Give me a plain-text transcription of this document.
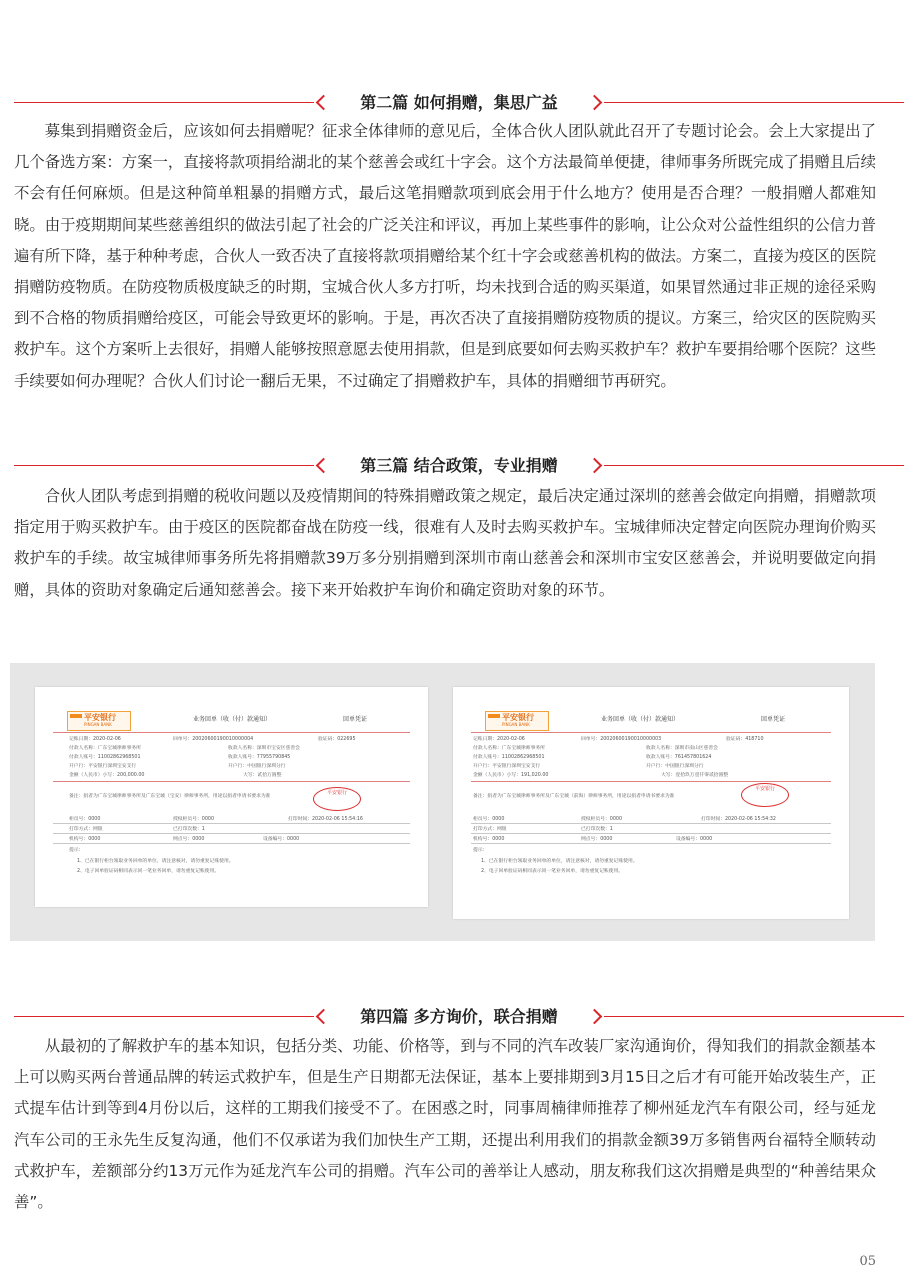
第二篇 如何捐赠，集思广益

募集到捐赠资金后，应该如何去捐赠呢？征求全体律师的意见后，全体合伙人团队就此召开了专题讨论会。会上大家提出了几个备选方案：方案一，直接将款项捐给湖北的某个慈善会或红十字会。这个方法最简单便捷，律师事务所既完成了捐赠且后续不会有任何麻烦。但是这种简单粗暴的捐赠方式，最后这笔捐赠款项到底会用于什么地方？使用是否合理？一般捐赠人都难知晓。由于疫期期间某些慈善组织的做法引起了社会的广泛关注和评议，再加上某些事件的影响，让公众对公益性组织的公信力普遍有所下降，基于种种考虑，合伙人一致否决了直接将款项捐赠给某个红十字会或慈善机构的做法。方案二，直接为疫区的医院捐赠防疫物质。在防疫物质极度缺乏的时期，宝城合伙人多方打听，均未找到合适的购买渠道，如果冒然通过非正规的途径采购到不合格的物质捐赠给疫区，可能会导致更坏的影响。于是，再次否决了直接捐赠防疫物质的提议。方案三，给灾区的医院购买救护车。这个方案听上去很好，捐赠人能够按照意愿去使用捐款，但是到底要如何去购买救护车？救护车要捐给哪个医院？这些手续要如何办理呢？合伙人们讨论一翻后无果，不过确定了捐赠救护车，具体的捐赠细节再研究。

第三篇 结合政策，专业捐赠

合伙人团队考虑到捐赠的税收问题以及疫情期间的特殊捐赠政策之规定，最后决定通过深圳的慈善会做定向捐赠，捐赠款项指定用于购买救护车。由于疫区的医院都奋战在防疫一线，很难有人及时去购买救护车。宝城律师决定替定向医院办理询价购买救护车的手续。故宝城律师事务所先将捐赠款39万多分别捐赠到深圳市南山慈善会和深圳市宝安区慈善会，并说明要做定向捐赠，具体的资助对象确定后通知慈善会。接下来开始救护车询价和确定资助对象的环节。

平安银行
PINGAN BANK
业务回单（收（付）款通知）	回单凭证
记账日期：2020-02-06	回单号：20020600190010000004	验证码：022695
付款人名称：广东宝城律师事务所	收款人名称：深圳市宝安区慈善会
付款人账号：11002862968501	收款人账号：77955790845
开户行：平安银行深圳宝安支行	开户行：中国银行深圳分行
金额（人民币）小写：200,000.00	大写：贰拾万圆整
备注：捐者为广东宝城律师事务所及广东宝城（宝安）律师事务所，用途以捐者申请书要求为准
平安银行
柜员号：0000	授权柜员号：0000	打印时间：2020-02-06 15:54:16
打印方式：网银	已打印次数：1
机构号：0000	网点号：0000	设备编号：0000
提示：
1、已在银行柜台领取业务回单的单位，请注意核对，请勿重复记账使用。
2、电子回单验证码相同表示同一笔业务回单，请勿重复记账使用。
平安银行
PINGAN BANK
业务回单（收（付）款通知）	回单凭证
记账日期：2020-02-06	回单号：20020600190010000003	验证码：418710
付款人名称：广东宝城律师事务所	收款人名称：深圳市南山区慈善会
付款人账号：11002862968501	收款人账号：761457801624
开户行：平安银行深圳宝安支行	开户行：中国银行深圳分行
金额（人民币）小写：191,020.00	大写：壹拾玖万壹仟零贰拾圆整
备注：捐者为广东宝城律师事务所及广东宝城（前海）律师事务所，用途以捐者申请书要求为准
平安银行
柜员号：0000	授权柜员号：0000	打印时间：2020-02-06 15:54:32
打印方式：网银	已打印次数：1
机构号：0000	网点号：0000	设备编号：0000
提示：
1、已在银行柜台领取业务回单的单位，请注意核对，请勿重复记账使用。
2、电子回单验证码相同表示同一笔业务回单，请勿重复记账使用。
第四篇 多方询价，联合捐赠

从最初的了解救护车的基本知识，包括分类、功能、价格等，到与不同的汽车改装厂家沟通询价，得知我们的捐款金额基本上可以购买两台普通品牌的转运式救护车，但是生产日期都无法保证，基本上要排期到3月15日之后才有可能开始改装生产，正式提车估计到等到4月份以后，这样的工期我们接受不了。在困惑之时，同事周楠律师推荐了柳州延龙汽车有限公司，经与延龙汽车公司的王永先生反复沟通，他们不仅承诺为我们加快生产工期，还提出利用我们的捐款金额39万多销售两台福特全顺转动式救护车，差额部分约13万元作为延龙汽车公司的捐赠。汽车公司的善举让人感动，朋友称我们这次捐赠是典型的“种善结果众善”。

05
